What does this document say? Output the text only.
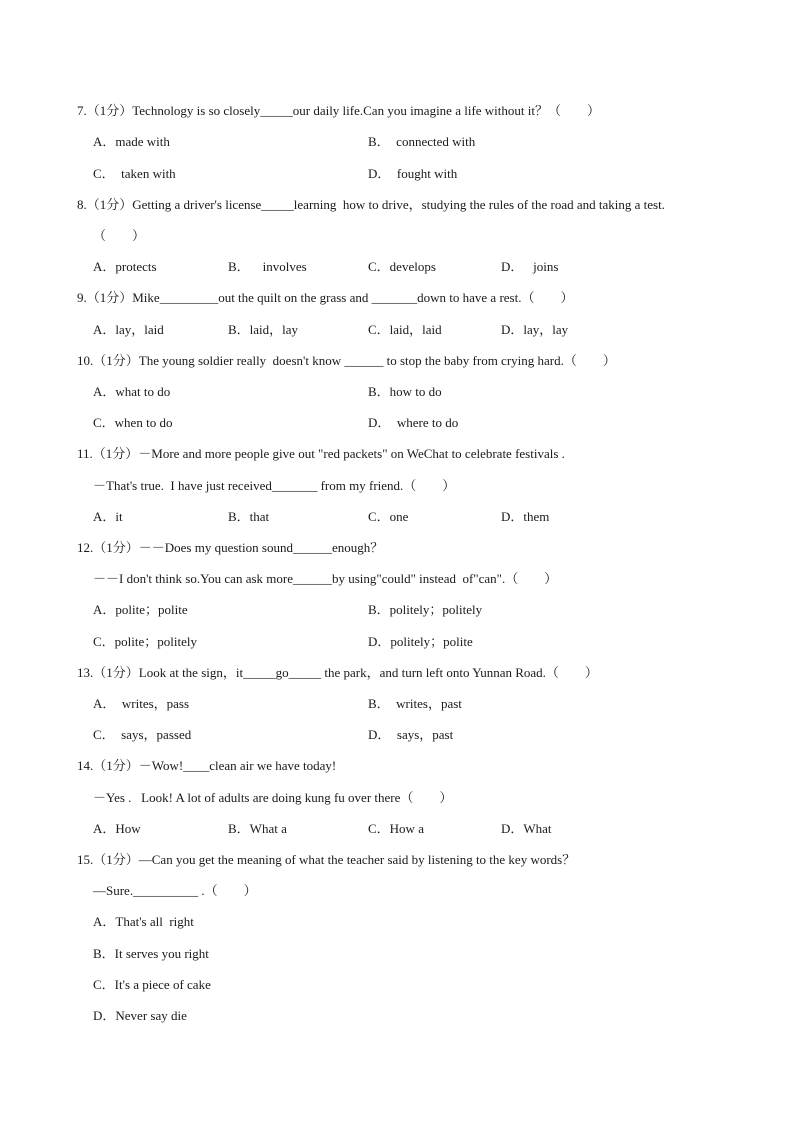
7.（1分）Technology is so closely_____our daily life.Can you imagine a life without it？（　　）
A．made with	B．  connected with
C．  taken with	D．  fought with
8.（1分）Getting a driver's license_____learning  how to drive，studying the rules of the road and taking a test.
（　　）
A．protects	B．    involves	C．develops	D．   joins
9.（1分）Mike_________out the quilt on the grass and _______down to have a rest.（　　）
A．lay，laid	B．laid，lay	C．laid，laid	D．lay，lay
10.（1分）The young soldier really  doesn't know ______ to stop the baby from crying hard.（　　）
A．what to do	B．how to do
C．when to do	D．  where to do
11.（1分）－More and more people give out "red packets" on WeChat to celebrate festivals .
－That's true.  I have just received_______ from my friend.（　　）
A．it	B．that	C．one	D．them
12.（1分）－－Does my question sound______enough？
－－I don't think so.You can ask more______by using"could" instead  of"can".（　　）
A．polite；polite	B．politely；politely
C．polite；politely	D．politely；polite
13.（1分）Look at the sign，it_____go_____ the park，and turn left onto Yunnan Road.（　　）
A．  writes，pass	B．  writes，past
C．  says，passed	D．  says，past
14.（1分）－Wow!____clean air we have today!
－Yes .   Look! A lot of adults are doing kung fu over there（　　）
A．How	B．What a	C．How a	D．What
15.（1分）—Can you get the meaning of what the teacher said by listening to the key words？
—Sure.__________ .（　　）
A．That's all  right
B．It serves you right
C．It's a piece of cake
D．Never say die
